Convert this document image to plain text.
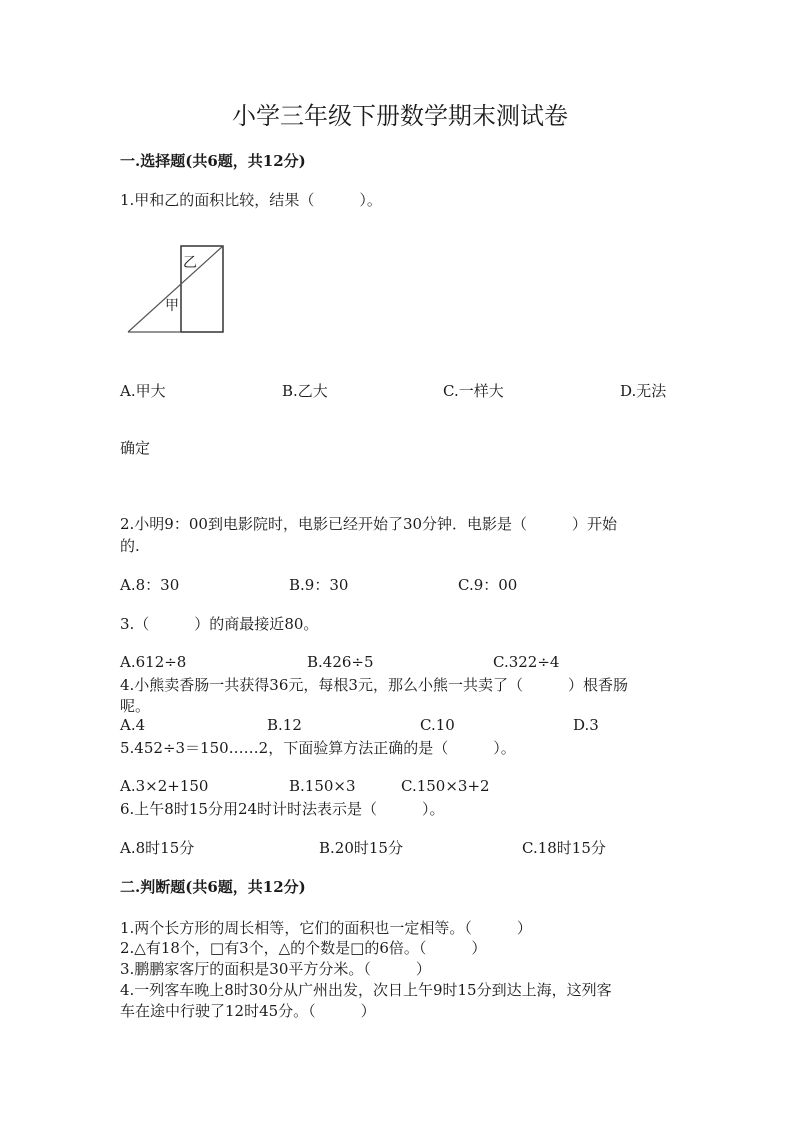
小学三年级下册数学期末测试卷
一.选择题(共6题，共12分)
1.甲和乙的面积比较，结果（　　　）。
乙
甲
A.甲大	B.乙大	C.一样大	D.无法
确定
2.小明9：00到电影院时，电影已经开始了30分钟．电影是（　　　）开始
的.
A.8：30	B.9：30	C.9：00
3.（　　　）的商最接近80。
A.612÷8	B.426÷5	C.322÷4
4.小熊卖香肠一共获得36元，每根3元，那么小熊一共卖了（　　　）根香肠
呢。
A.4	B.12	C.10	D.3
5.452÷3＝150……2，下面验算方法正确的是（　　　）。
A.3×2+150	B.150×3	C.150×3+2
6.上午8时15分用24时计时法表示是（　　　）。
A.8时15分	B.20时15分	C.18时15分
二.判断题(共6题，共12分)
1.两个长方形的周长相等，它们的面积也一定相等。（　　　）
2.△有18个，□有3个，△的个数是□的6倍。（　　　）
3.鹏鹏家客厅的面积是30平方分米。（　　　）
4.一列客车晚上8时30分从广州出发，次日上午9时15分到达上海，这列客
车在途中行驶了12时45分。（　　　）
